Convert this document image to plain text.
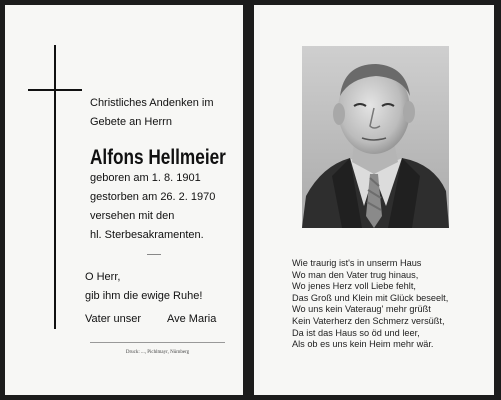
Christliches Andenken im
Gebete an Herrn
Alfons Hellmeier
geboren am 1. 8. 1901
gestorben am 26. 2. 1970
versehen mit den
hl. Sterbesakramenten.
O Herr,
gib ihm die ewige Ruhe!
Vater unser Ave Maria
Druck: ..., Pichlmayr, Nürnberg
Wie traurig ist's in unserm Haus
Wo man den Vater trug hinaus,
Wo jenes Herz voll Liebe fehlt,
Das Groß und Klein mit Glück beseelt,
Wo uns kein Vateraug' mehr grüßt
Kein Vaterherz den Schmerz versüßt,
Da ist das Haus so öd und leer,
Als ob es uns kein Heim mehr wär.
